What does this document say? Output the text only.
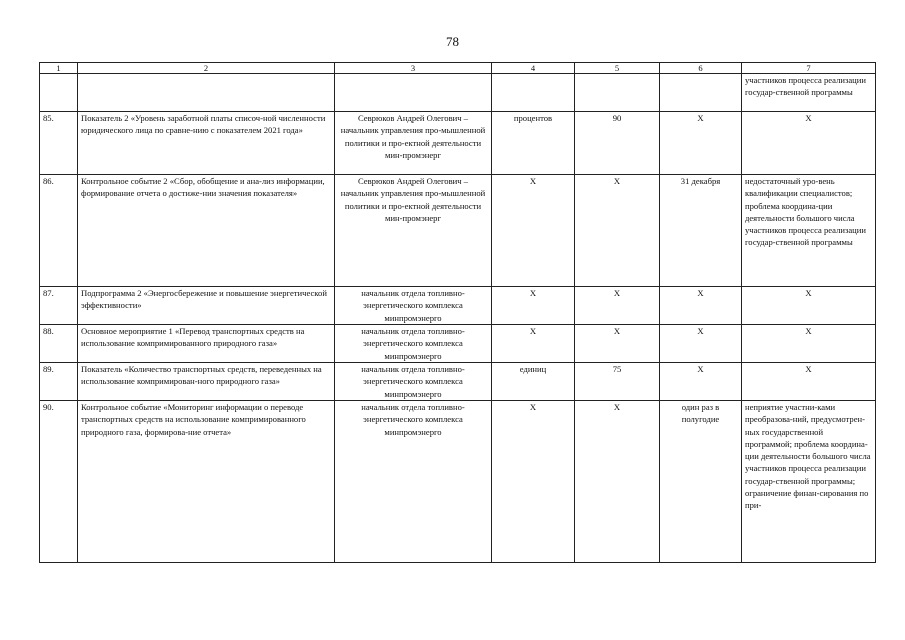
78
1	2	3	4	5	6	7
						участников процесса реализации государ-ственной программы
85.	Показатель 2 «Уровень заработной платы списоч-ной численности юридического лица по сравне-нию с показателем 2021 года»	Севрюков Андрей Олегович – начальник управления про-мышленной политики и про-ектной деятельности мин-промэнерг	процентов	90	X	X
86.	Контрольное событие 2 «Сбор, обобщение и ана-лиз информации, формирование отчета о достиже-нии значения показателя»	Севрюков Андрей Олегович – начальник управления про-мышленной политики и про-ектной деятельности мин-промэнерг	X	X	31 декабря	недостаточный уро-вень квалификации специалистов; проблема координа-ции деятельности большого числа участников процесса реализации государ-ственной программы
87.	Подпрограмма 2 «Энергосбережение и повышение энергетической эффективности»	начальник отдела топливно-энергетического комплекса минпромэнерго	X	X	X	X
88.	Основное мероприятие 1 «Перевод транспортных средств на использование компримированного природного газа»	начальник отдела топливно-энергетического комплекса минпромэнерго	X	X	X	X
89.	Показатель «Количество транспортных средств, переведенных на использование компримирован-ного природного газа»	начальник отдела топливно-энергетического комплекса минпромэнерго	единиц	75	X	X
90.	Контрольное событие «Мониторинг информации о переводе транспортных средств на использование компримированного природного газа, формирова-ние отчета»	начальник отдела топливно-энергетического комплекса минпромэнерго	X	X	один раз в полугодие	неприятие участни-ками преобразова-ний, предусмотрен-ных государственной программой; проблема координа-ции деятельности большого числа участников процесса реализации государ-ственной программы; ограничение финан-сирования по при-
